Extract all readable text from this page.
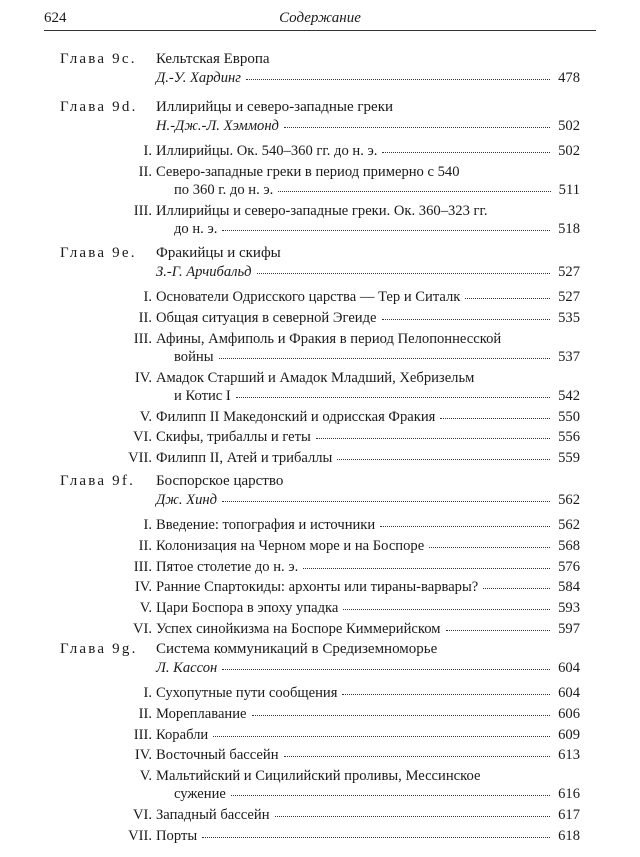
624	Содержание
Глава 9с. Кельтская Европа
Д.-У. Хардинг	478
Глава 9d. Иллирийцы и северо-западные греки
Н.-Дж.-Л. Хэммонд	502
I. Иллирийцы. Ок. 540–360 гг. до н. э.	502
II. Северо-западные греки в период примерно с 540
по 360 г. до н. э.	511
III. Иллирийцы и северо-западные греки. Ок. 360–323 гг.
до н. э.	518
Глава 9е. Фракийцы и скифы
З.-Г. Арчибальд	527
I. Основатели Одрисского царства — Тер и Ситалк	527
II. Общая ситуация в северной Эгеиде	535
III. Афины, Амфиполь и Фракия в период Пелопоннесской
войны	537
IV. Амадок Старший и Амадок Младший, Хебризельм
и Котис I	542
V. Филипп II Македонский и одрисская Фракия	550
VI. Скифы, трибаллы и геты	556
VII. Филипп II, Атей и трибаллы	559
Глава 9f. Боспорское царство
Дж. Хинд	562
I. Введение: топография и источники	562
II. Колонизация на Черном море и на Боспоре	568
III. Пятое столетие до н. э.	576
IV. Ранние Спартокиды: архонты или тираны-варвары?	584
V. Цари Боспора в эпоху упадка	593
VI. Успех синойкизма на Боспоре Киммерийском	597
Глава 9g. Система коммуникаций в Средиземноморье
Л. Кассон	604
I. Сухопутные пути сообщения	604
II. Мореплавание	606
III. Корабли	609
IV. Восточный бассейн	613
V. Мальтийский и Сицилийский проливы, Мессинское
сужение	616
VI. Западный бассейн	617
VII. Порты	618
